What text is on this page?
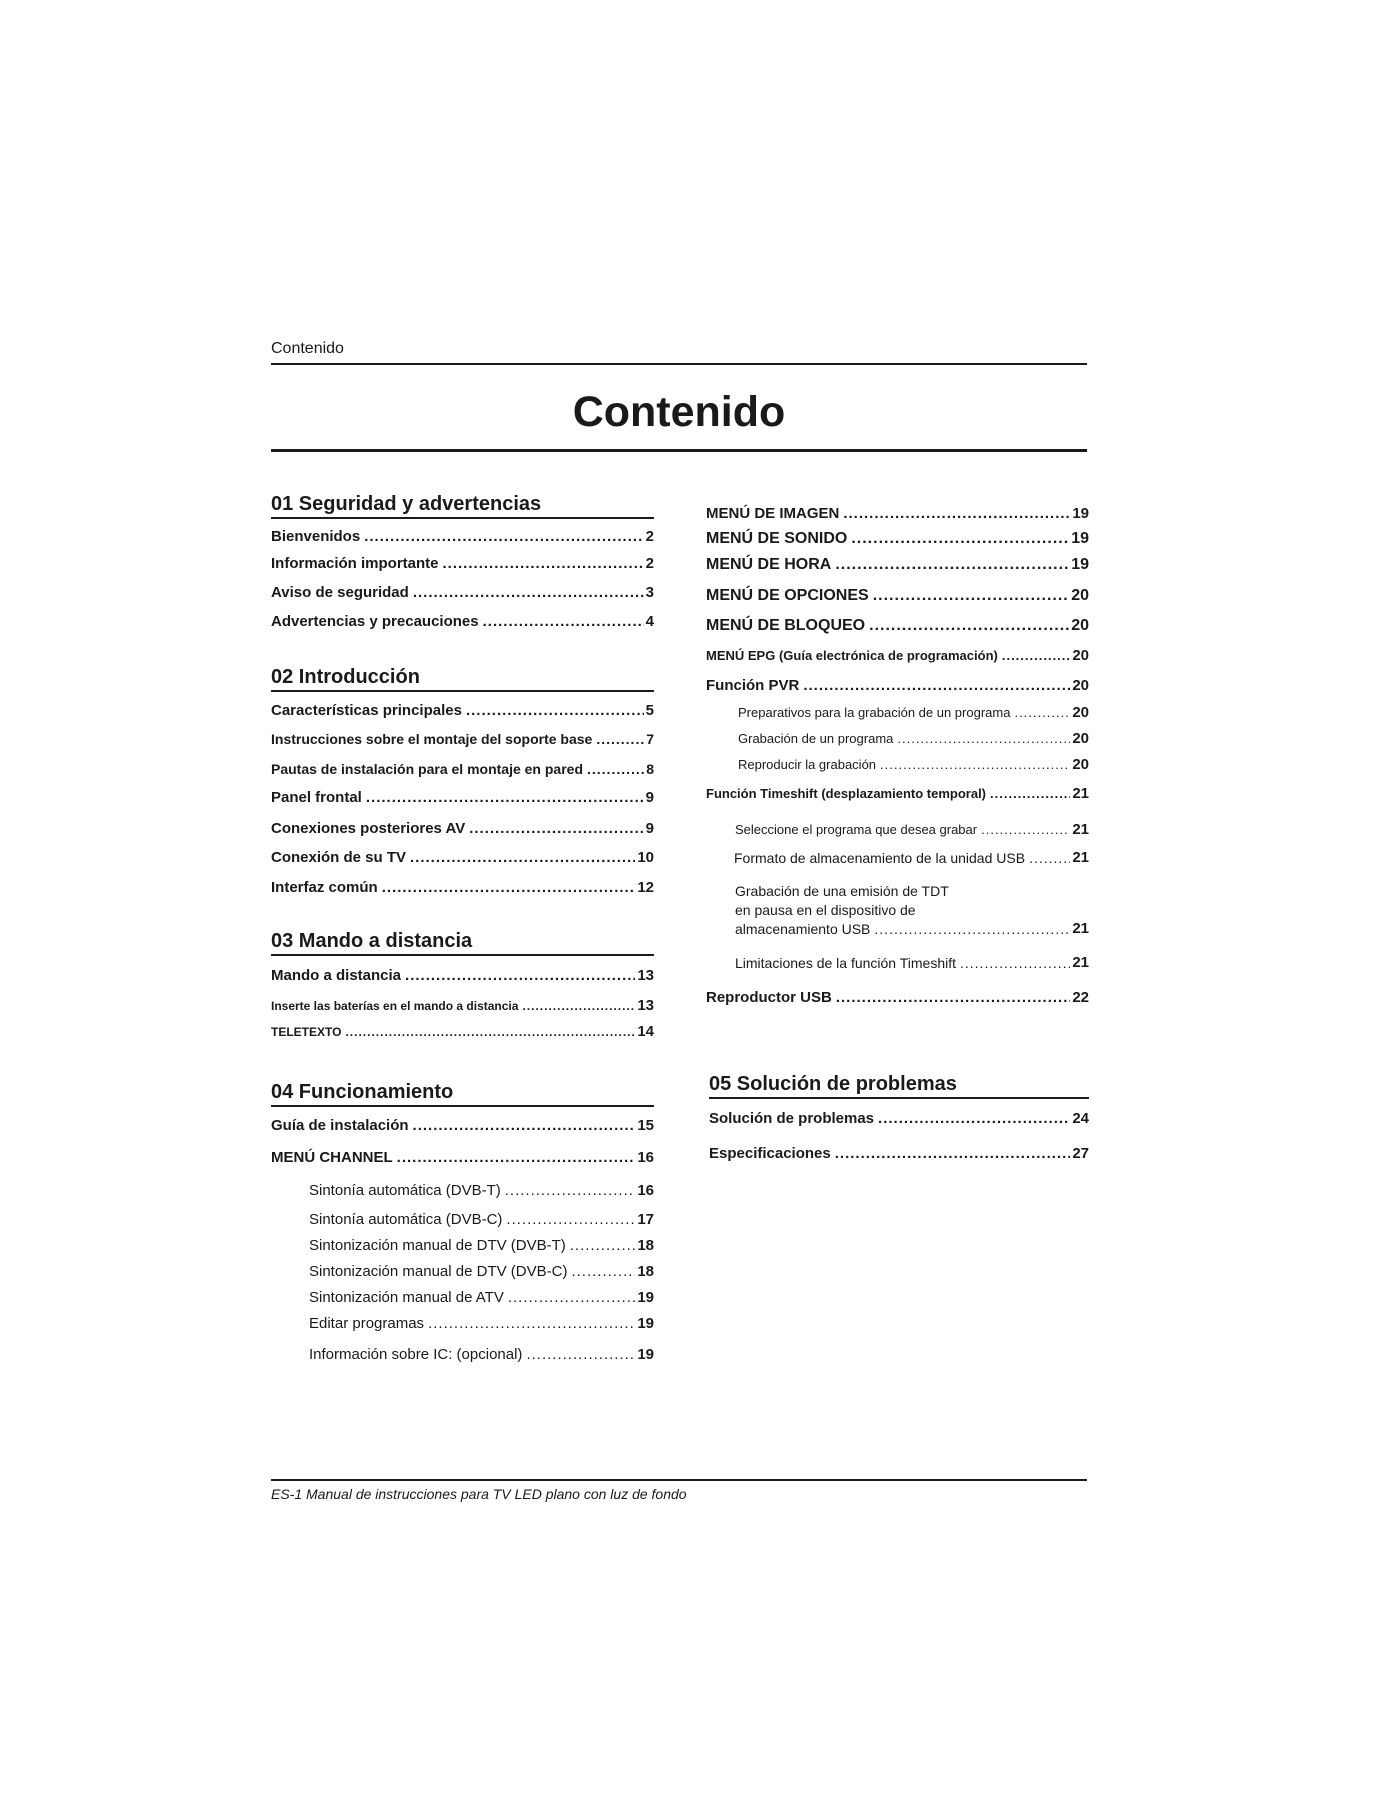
Contenido
Contenido
01 Seguridad y advertencias
Bienvenidos .....	2
Información importante .....	2
Aviso de seguridad .....	3
Advertencias y precauciones .....	4
02 Introducción
Características principales .....	5
Instrucciones sobre el montaje del soporte base .....	7
Pautas de instalación para el montaje en pared .....	8
Panel frontal .....	9
Conexiones posteriores AV .....	9
Conexión de su TV .....	10
Interfaz común .....	12
03 Mando a distancia
Mando a distancia .....	13
Inserte las baterías en el mando a distancia .....	13
TELETEXTO .....	14
04 Funcionamiento
Guía de instalación .....	15
MENÚ CHANNEL .....	16
Sintonía automática (DVB-T) .....	16
Sintonía automática (DVB-C) .....	17
Sintonización manual de DTV (DVB-T) .....	18
Sintonización manual de DTV (DVB-C) .....	18
Sintonización manual de ATV .....	19
Editar programas .....	19
Información sobre IC: (opcional) .....	19
MENÚ DE IMAGEN .....	19
MENÚ DE SONIDO .....	19
MENÚ DE HORA .....	19
MENÚ DE OPCIONES .....	20
MENÚ DE BLOQUEO .....	20
MENÚ EPG (Guía electrónica de programación) .....	20
Función PVR .....	20
Preparativos para la grabación de un programa .....	20
Grabación de un programa .....	20
Reproducir la grabación .....	20
Función Timeshift (desplazamiento temporal) .....	21
Seleccione el programa que desea grabar .....	21
Formato de almacenamiento de la unidad USB .....	21
Grabación de una emisión de TDT
en pausa en el dispositivo de
almacenamiento USB .....	21
Limitaciones de la función Timeshift .....	21
Reproductor USB .....	22
05 Solución de problemas
Solución de problemas .....	24
Especificaciones .....	27
ES-1 Manual de instrucciones para TV LED plano con luz de fondo
